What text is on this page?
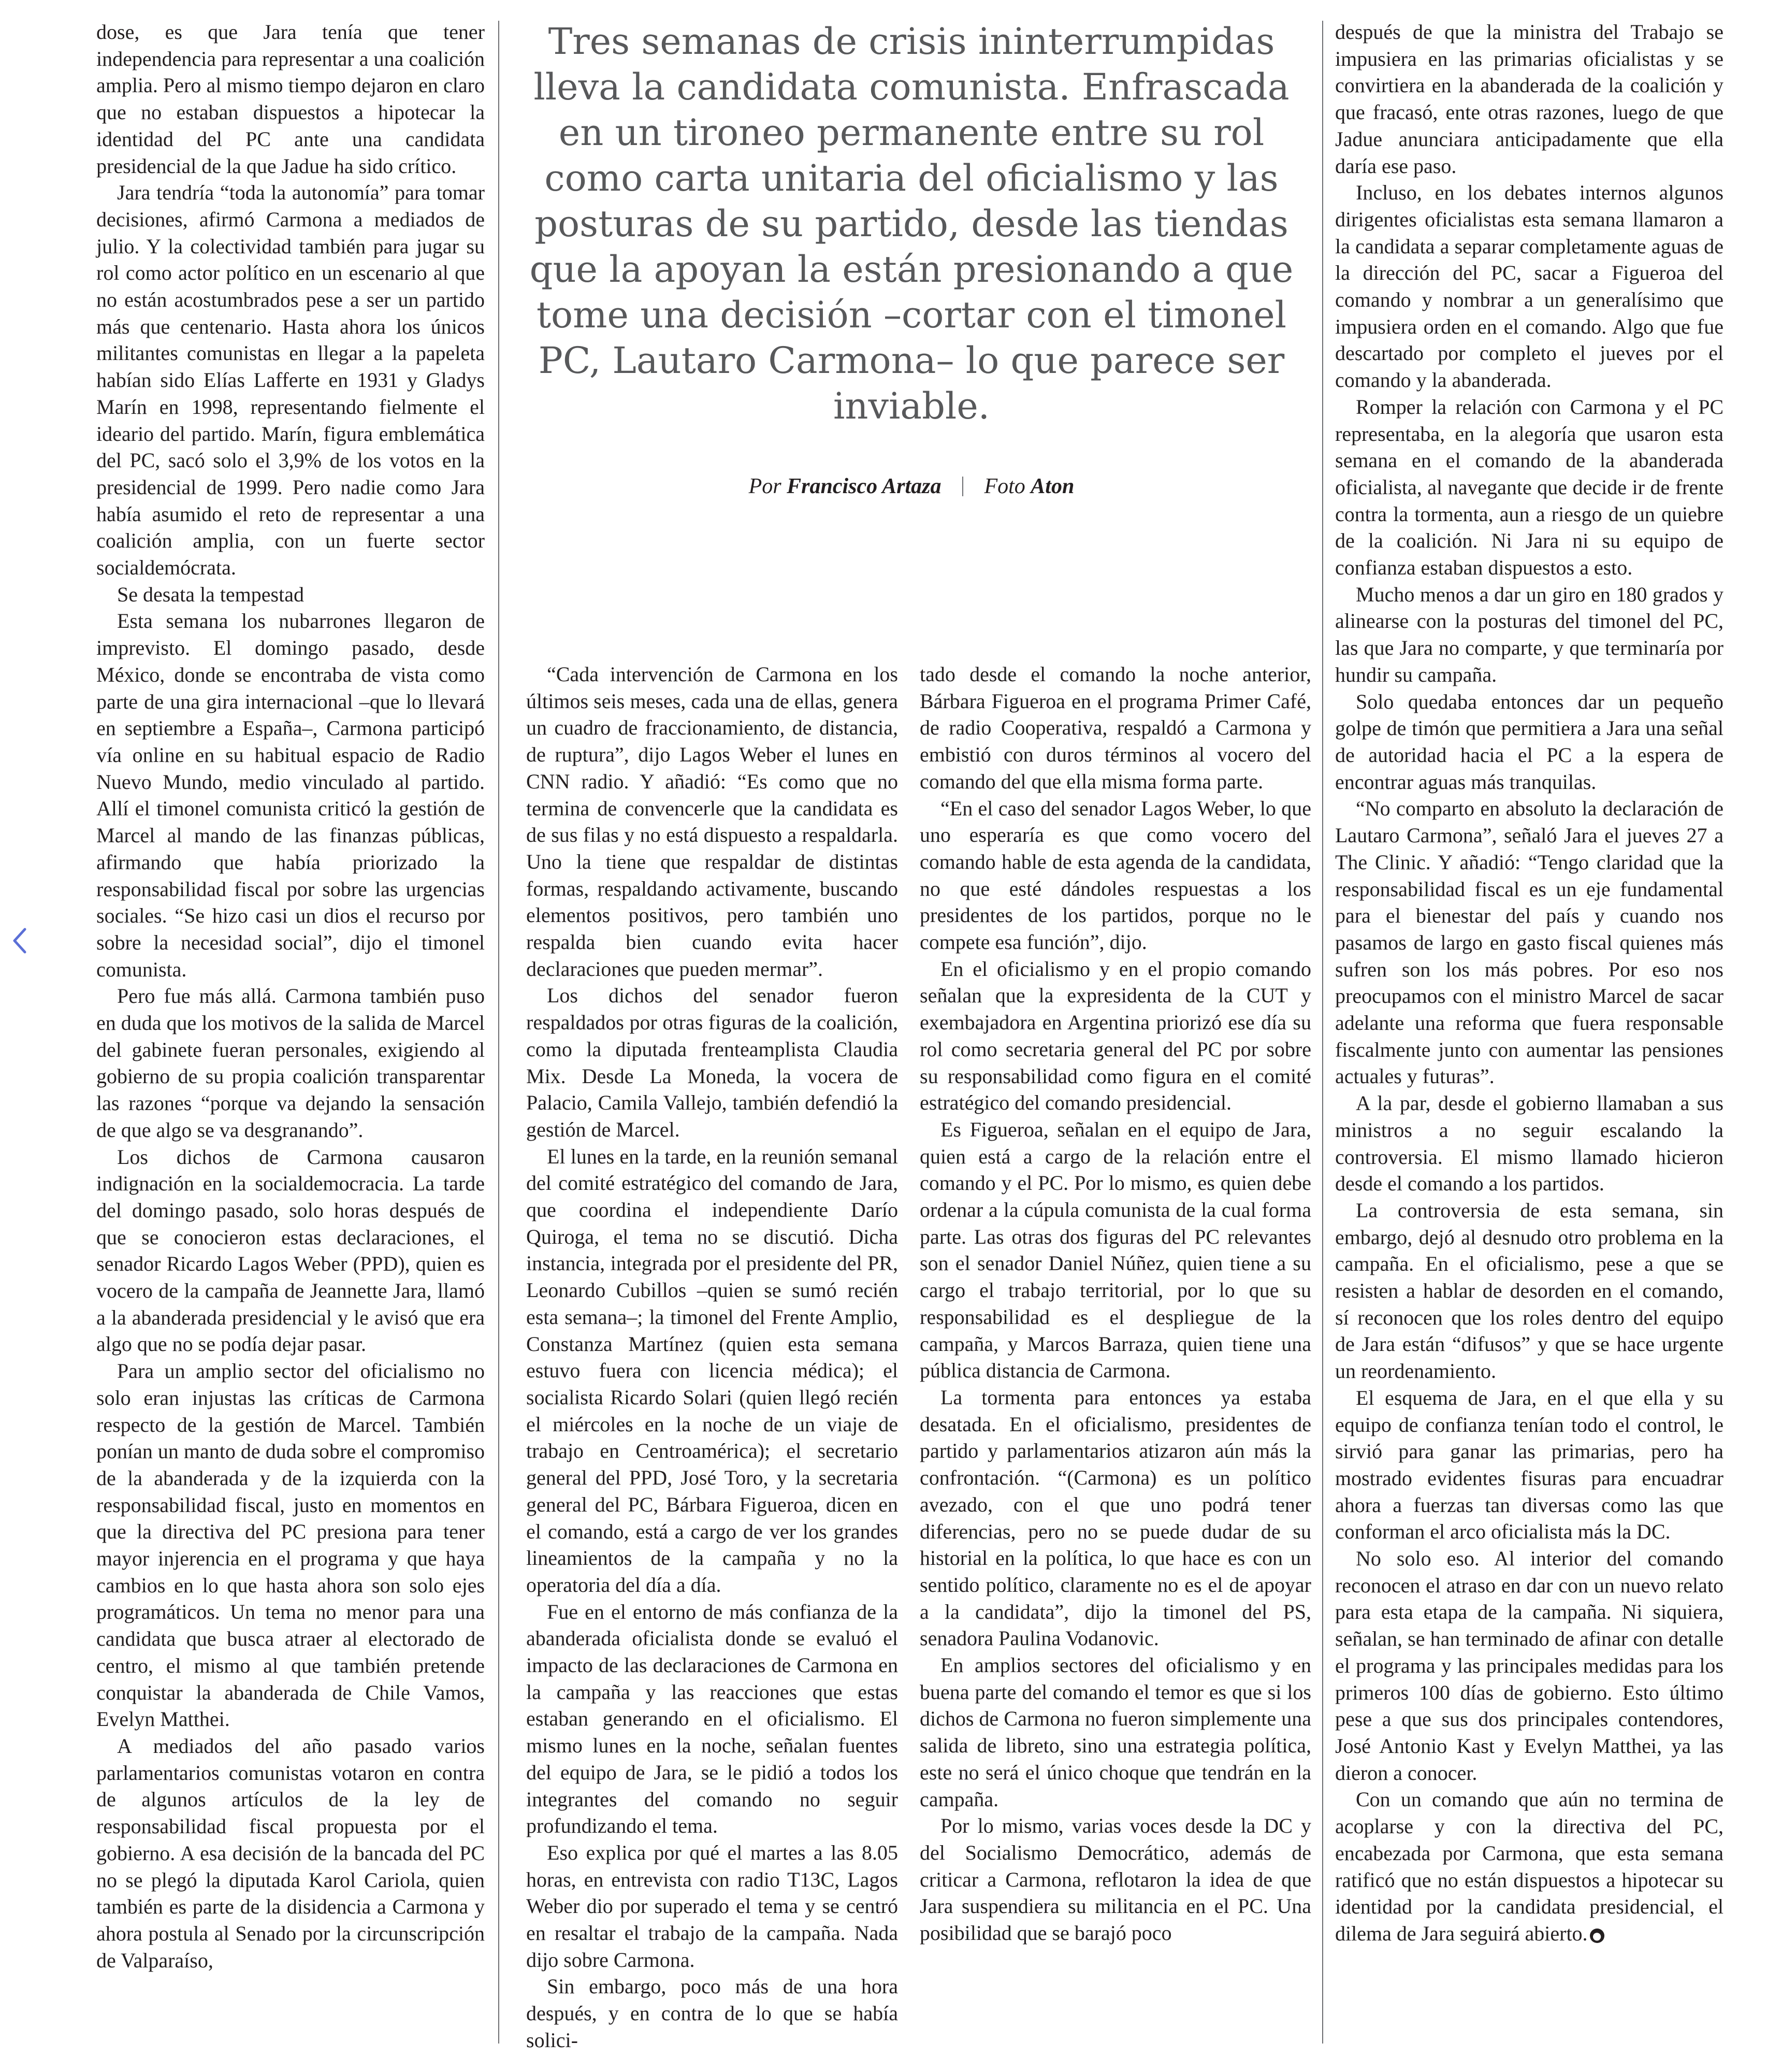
Tres semanas de crisis ininterrumpidas lleva la candidata comunista. Enfrascada en un tironeo permanente entre su rol como carta unitaria del oficialismo y las posturas de su partido, desde las tiendas que la apoyan la están presionando a que tome una decisión –cortar con el timonel PC, Lautaro Carmona– lo que parece ser inviable.

Por Francisco Artaza Foto Aton

dose, es que Jara tenía que tener independencia para representar a una coalición amplia. Pero al mismo tiempo dejaron en claro que no estaban dispuestos a hipotecar la identidad del PC ante una candidata presidencial de la que Jadue ha sido crítico.

Jara tendría “toda la autonomía” para tomar decisiones, afirmó Carmona a mediados de julio. Y la colectividad también para jugar su rol como actor político en un escenario al que no están acostumbrados pese a ser un partido más que centenario. Hasta ahora los únicos militantes comunistas en llegar a la papeleta habían sido Elías Lafferte en 1931 y Gladys Marín en 1998, representando fielmente el ideario del partido. Marín, figura emblemática del PC, sacó solo el 3,9% de los votos en la presidencial de 1999. Pero nadie como Jara había asumido el reto de representar a una coalición amplia, con un fuerte sector socialdemócrata.

Se desata la tempestad

Esta semana los nubarrones llegaron de imprevisto. El domingo pasado, desde México, donde se encontraba de vista como parte de una gira internacional –que lo llevará en septiembre a España–, Carmona participó vía online en su habitual espacio de Radio Nuevo Mundo, medio vinculado al partido. Allí el timonel comunista criticó la gestión de Marcel al mando de las finanzas públicas, afirmando que había priorizado la responsabilidad fiscal por sobre las urgencias sociales. “Se hizo casi un dios el recurso por sobre la necesidad social”, dijo el timonel comunista.

Pero fue más allá. Carmona también puso en duda que los motivos de la salida de Marcel del gabinete fueran personales, exigiendo al gobierno de su propia coalición transparentar las razones “porque va dejando la sensación de que algo se va desgranando”.

Los dichos de Carmona causaron indignación en la socialdemocracia. La tarde del domingo pasado, solo horas después de que se conocieron estas declaraciones, el senador Ricardo Lagos Weber (PPD), quien es vocero de la campaña de Jeannette Jara, llamó a la abanderada presidencial y le avisó que era algo que no se podía dejar pasar.

Para un amplio sector del oficialismo no solo eran injustas las críticas de Carmona respecto de la gestión de Marcel. También ponían un manto de duda sobre el compromiso de la abanderada y de la izquierda con la responsabilidad fiscal, justo en momentos en que la directiva del PC presiona para tener mayor injerencia en el programa y que haya cambios en lo que hasta ahora son solo ejes programáticos. Un tema no menor para una candidata que busca atraer al electorado de centro, el mismo al que también pretende conquistar la abanderada de Chile Vamos, Evelyn Matthei.

A mediados del año pasado varios parlamentarios comunistas votaron en contra de algunos artículos de la ley de responsabilidad fiscal propuesta por el gobierno. A esa decisión de la bancada del PC no se plegó la diputada Karol Cariola, quien también es parte de la disidencia a Carmona y ahora postula al Senado por la circunscripción de Valparaíso,

“Cada intervención de Carmona en los últimos seis meses, cada una de ellas, genera un cuadro de fraccionamiento, de distancia, de ruptura”, dijo Lagos Weber el lunes en CNN radio. Y añadió: “Es como que no termina de convencerle que la candidata es de sus filas y no está dispuesto a respaldarla. Uno la tiene que respaldar de distintas formas, respaldando activamente, buscando elementos positivos, pero también uno respalda bien cuando evita hacer declaraciones que pueden mermar”.

Los dichos del senador fueron respaldados por otras figuras de la coalición, como la diputada frenteamplista Claudia Mix. Desde La Moneda, la vocera de Palacio, Camila Vallejo, también defendió la gestión de Marcel.

El lunes en la tarde, en la reunión semanal del comité estratégico del comando de Jara, que coordina el independiente Darío Quiroga, el tema no se discutió. Dicha instancia, integrada por el presidente del PR, Leonardo Cubillos –quien se sumó recién esta semana–; la timonel del Frente Amplio, Constanza Martínez (quien esta semana estuvo fuera con licencia médica); el socialista Ricardo Solari (quien llegó recién el miércoles en la noche de un viaje de trabajo en Centroamérica); el secretario general del PPD, José Toro, y la secretaria general del PC, Bárbara Figueroa, dicen en el comando, está a cargo de ver los grandes lineamientos de la campaña y no la operatoria del día a día.

Fue en el entorno de más confianza de la abanderada oficialista donde se evaluó el impacto de las declaraciones de Carmona en la campaña y las reacciones que estas estaban generando en el oficialismo. El mismo lunes en la noche, señalan fuentes del equipo de Jara, se le pidió a todos los integrantes del comando no seguir profundizando el tema.

Eso explica por qué el martes a las 8.05 horas, en entrevista con radio T13C, Lagos Weber dio por superado el tema y se centró en resaltar el trabajo de la campaña. Nada dijo sobre Carmona.

Sin embargo, poco más de una hora después, y en contra de lo que se había solici-

tado desde el comando la noche anterior, Bárbara Figueroa en el programa Primer Café, de radio Cooperativa, respaldó a Carmona y embistió con duros términos al vocero del comando del que ella misma forma parte.

“En el caso del senador Lagos Weber, lo que uno esperaría es que como vocero del comando hable de esta agenda de la candidata, no que esté dándoles respuestas a los presidentes de los partidos, porque no le compete esa función”, dijo.

En el oficialismo y en el propio comando señalan que la expresidenta de la CUT y exembajadora en Argentina priorizó ese día su rol como secretaria general del PC por sobre su responsabilidad como figura en el comité estratégico del comando presidencial.

Es Figueroa, señalan en el equipo de Jara, quien está a cargo de la relación entre el comando y el PC. Por lo mismo, es quien debe ordenar a la cúpula comunista de la cual forma parte. Las otras dos figuras del PC relevantes son el senador Daniel Núñez, quien tiene a su cargo el trabajo territorial, por lo que su responsabilidad es el despliegue de la campaña, y Marcos Barraza, quien tiene una pública distancia de Carmona.

La tormenta para entonces ya estaba desatada. En el oficialismo, presidentes de partido y parlamentarios atizaron aún más la confrontación. “(Carmona) es un político avezado, con el que uno podrá tener diferencias, pero no se puede dudar de su historial en la política, lo que hace es con un sentido político, claramente no es el de apoyar a la candidata”, dijo la timonel del PS, senadora Paulina Vodanovic.

En amplios sectores del oficialismo y en buena parte del comando el temor es que si los dichos de Carmona no fueron simplemente una salida de libreto, sino una estrategia política, este no será el único choque que tendrán en la campaña.

Por lo mismo, varias voces desde la DC y del Socialismo Democrático, además de criticar a Carmona, reflotaron la idea de que Jara suspendiera su militancia en el PC. Una posibilidad que se barajó poco

después de que la ministra del Trabajo se impusiera en las primarias oficialistas y se convirtiera en la abanderada de la coalición y que fracasó, ente otras razones, luego de que Jadue anunciara anticipadamente que ella daría ese paso.

Incluso, en los debates internos algunos dirigentes oficialistas esta semana llamaron a la candidata a separar completamente aguas de la dirección del PC, sacar a Figueroa del comando y nombrar a un generalísimo que impusiera orden en el comando. Algo que fue descartado por completo el jueves por el comando y la abanderada.

Romper la relación con Carmona y el PC representaba, en la alegoría que usaron esta semana en el comando de la abanderada oficialista, al navegante que decide ir de frente contra la tormenta, aun a riesgo de un quiebre de la coalición. Ni Jara ni su equipo de confianza estaban dispuestos a esto.

Mucho menos a dar un giro en 180 grados y alinearse con la posturas del timonel del PC, las que Jara no comparte, y que terminaría por hundir su campaña.

Solo quedaba entonces dar un pequeño golpe de timón que permitiera a Jara una señal de autoridad hacia el PC a la espera de encontrar aguas más tranquilas.

“No comparto en absoluto la declaración de Lautaro Carmona”, señaló Jara el jueves 27 a The Clinic. Y añadió: “Tengo claridad que la responsabilidad fiscal es un eje fundamental para el bienestar del país y cuando nos pasamos de largo en gasto fiscal quienes más sufren son los más pobres. Por eso nos preocupamos con el ministro Marcel de sacar adelante una reforma que fuera responsable fiscalmente junto con aumentar las pensiones actuales y futuras”.

A la par, desde el gobierno llamaban a sus ministros a no seguir escalando la controversia. El mismo llamado hicieron desde el comando a los partidos.

La controversia de esta semana, sin embargo, dejó al desnudo otro problema en la campaña. En el oficialismo, pese a que se resisten a hablar de desorden en el comando, sí reconocen que los roles dentro del equipo de Jara están “difusos” y que se hace urgente un reordenamiento.

El esquema de Jara, en el que ella y su equipo de confianza tenían todo el control, le sirvió para ganar las primarias, pero ha mostrado evidentes fisuras para encuadrar ahora a fuerzas tan diversas como las que conforman el arco oficialista más la DC.

No solo eso. Al interior del comando reconocen el atraso en dar con un nuevo relato para esta etapa de la campaña. Ni siquiera, señalan, se han terminado de afinar con detalle el programa y las principales medidas para los primeros 100 días de gobierno. Esto último pese a que sus dos principales contendores, José Antonio Kast y Evelyn Matthei, ya las dieron a conocer.

Con un comando que aún no termina de acoplarse y con la directiva del PC, encabezada por Carmona, que esta semana ratificó que no están dispuestos a hipotecar su identidad por la candidata presidencial, el dilema de Jara seguirá abierto. ●
